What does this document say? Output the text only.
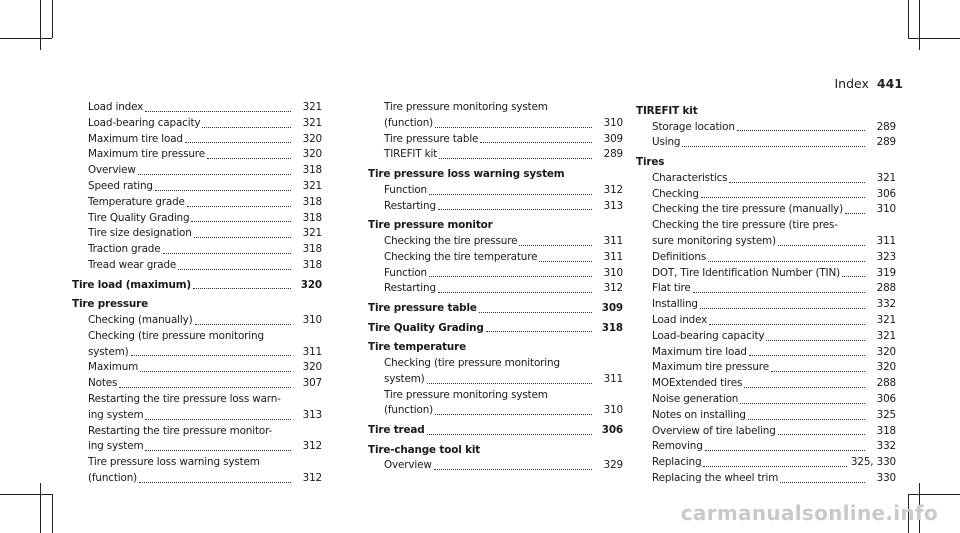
Index 441
Load index	321
Load-bearing capacity	321
Maximum tire load	320
Maximum tire pressure	320
Overview	318
Speed rating	321
Temperature grade	318
Tire Quality Grading	318
Tire size designation	321
Traction grade	318
Tread wear grade	318
Tire load (maximum)	320
Tire pressure
Checking (manually)	310
Checking (tire pressure monitoring
system)	311
Maximum	320
Notes	307
Restarting the tire pressure loss warn-
ing system	313
Restarting the tire pressure monitor-
ing system	312
Tire pressure loss warning system
(function)	312
Tire pressure monitoring system
(function)	310
Tire pressure table	309
TIREFIT kit	289
Tire pressure loss warning system
Function	312
Restarting	313
Tire pressure monitor
Checking the tire pressure	311
Checking the tire temperature	311
Function	310
Restarting	312
Tire pressure table	309
Tire Quality Grading	318
Tire temperature
Checking (tire pressure monitoring
system)	311
Tire pressure monitoring system
(function)	310
Tire tread	306
Tire-change tool kit
Overview	329
TIREFIT kit
Storage location	289
Using	289
Tires
Characteristics	321
Checking	306
Checking the tire pressure (manually)	310
Checking the tire pressure (tire pres-
sure monitoring system)	311
Definitions	323
DOT, Tire Identification Number (TIN)	319
Flat tire	288
Installing	332
Load index	321
Load-bearing capacity	321
Maximum tire load	320
Maximum tire pressure	320
MOExtended tires	288
Noise generation	306
Notes on installing	325
Overview of tire labeling	318
Removing	332
Replacing	325, 330
Replacing the wheel trim	330
carmanualsonline.info
